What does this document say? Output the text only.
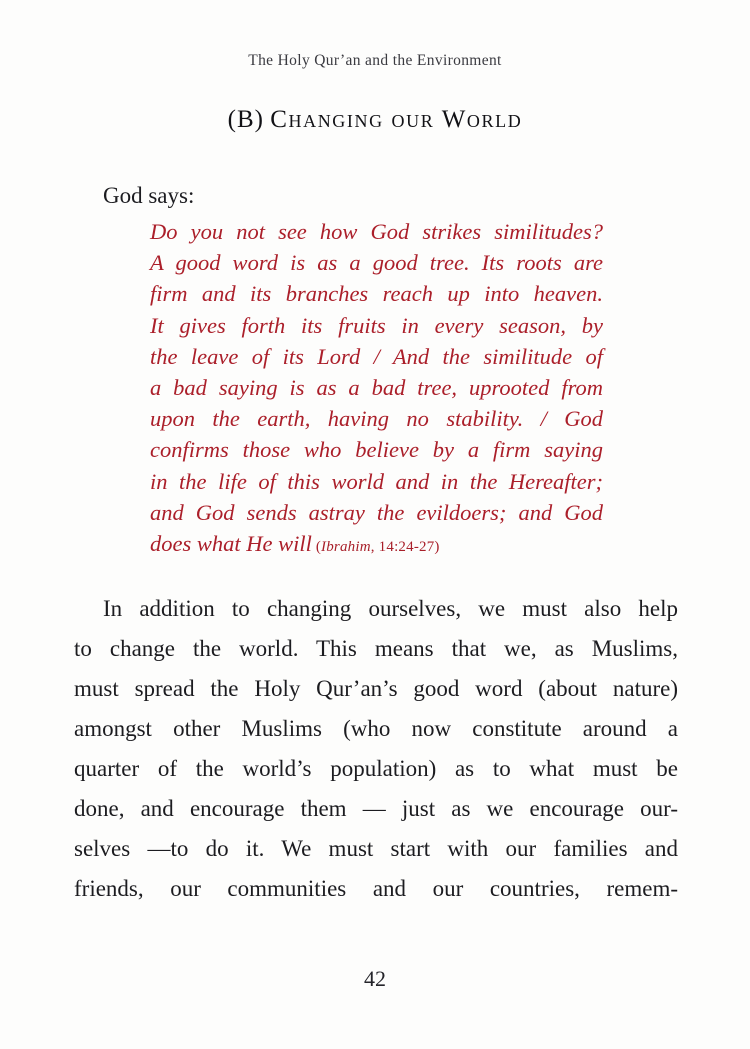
The Holy Qur’an and the Environment
(B) Changing our World
God says:
Do you not see how God strikes similitudes?
A good word is as a good tree. Its roots are
firm and its branches reach up into heaven.
It gives forth its fruits in every season, by
the leave of its Lord / And the similitude of
a bad saying is as a bad tree, uprooted from
upon the earth, having no stability. / God
confirms those who believe by a firm saying
in the life of this world and in the Hereafter;
and God sends astray the evildoers; and God
does what He will (Ibrahim, 14:24-27)
In addition to changing ourselves, we must also help
to change the world. This means that we, as Muslims,
must spread the Holy Qur’an’s good word (about nature)
amongst other Muslims (who now constitute around a
quarter of the world’s population) as to what must be
done, and encourage them — just as we encourage our-
selves —to do it. We must start with our families and
friends, our communities and our countries, remem-
42
